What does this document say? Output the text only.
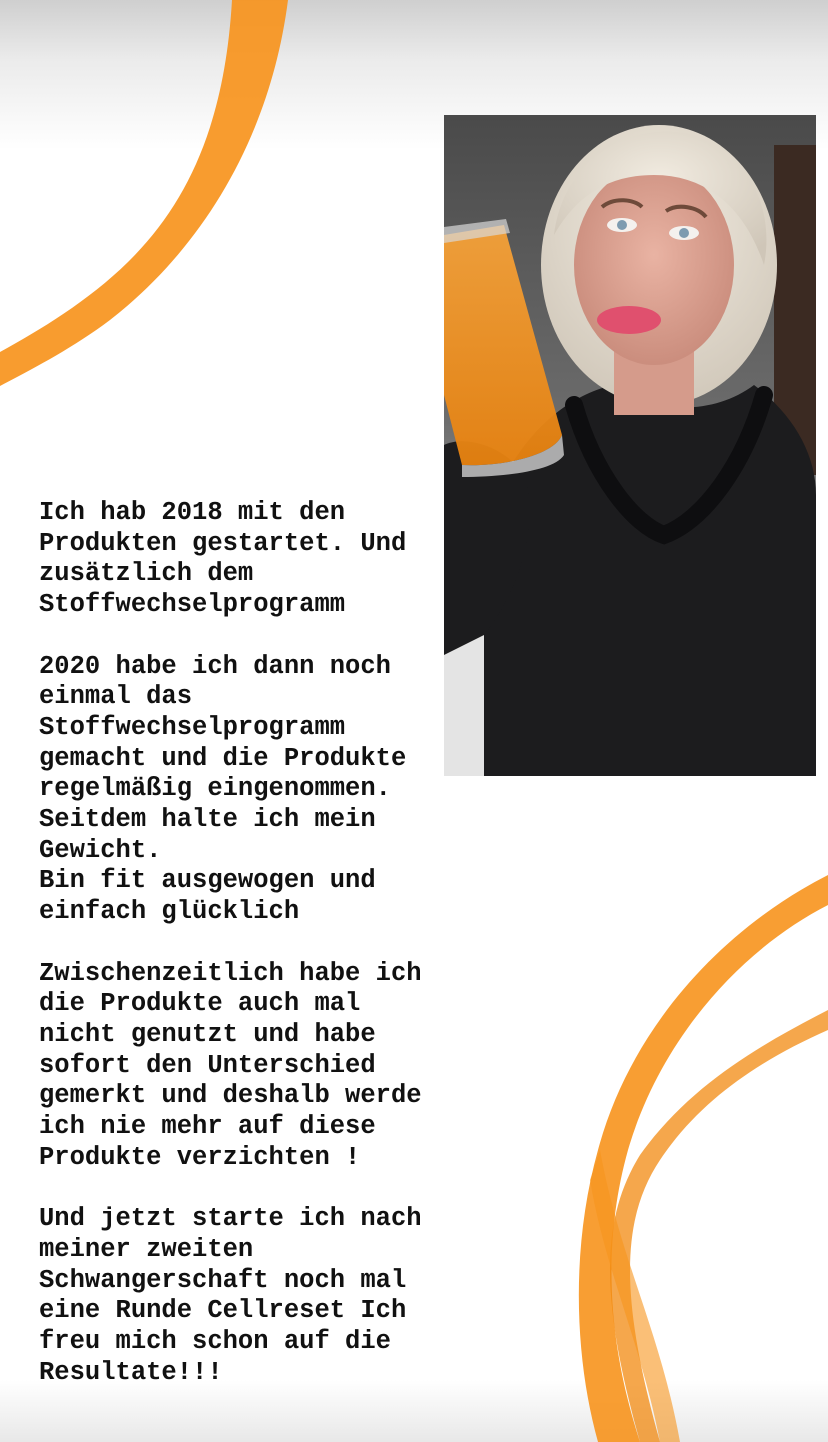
Ich hab 2018 mit den
Produkten gestartet. Und
zusätzlich dem
Stoffwechselprogramm

2020 habe ich dann noch
einmal das
Stoffwechselprogramm
gemacht und die Produkte
regelmäßig eingenommen.
Seitdem halte ich mein
Gewicht.
Bin fit ausgewogen und
einfach glücklich

Zwischenzeitlich habe ich
die Produkte auch mal
nicht genutzt und habe
sofort den Unterschied
gemerkt und deshalb werde
ich nie mehr auf diese
Produkte verzichten !

Und jetzt starte ich nach
meiner zweiten
Schwangerschaft noch mal
eine Runde Cellreset Ich
freu mich schon auf die
Resultate!!!
